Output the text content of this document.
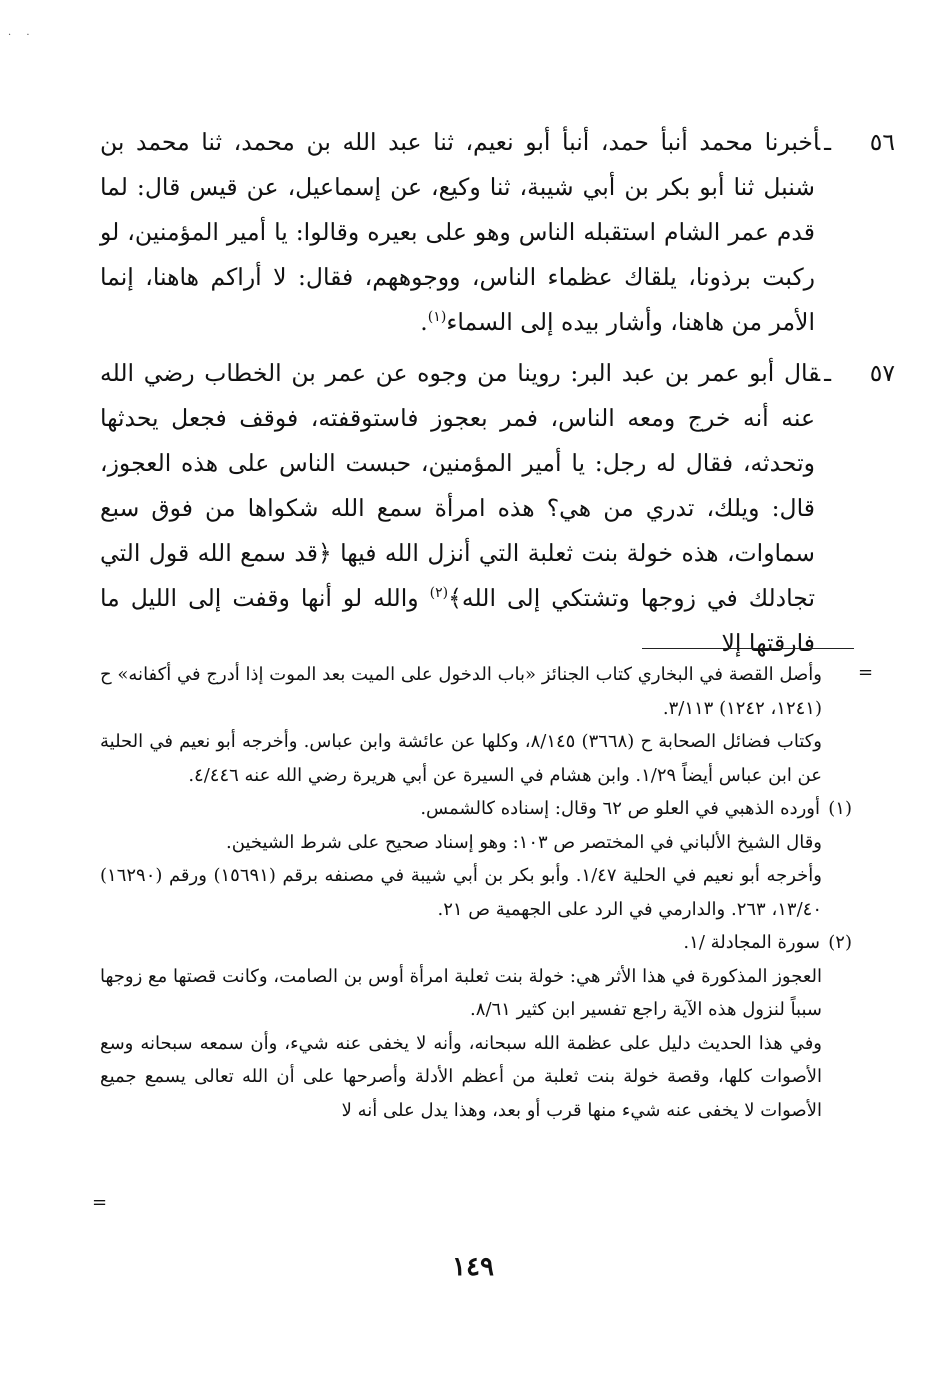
· ·

٥٦ـأخبرنا محمد أنبأ حمد، أنبأ أبو نعيم، ثنا عبد الله بن محمد، ثنا محمد بن شنبل ثنا أبو بكر بن أبي شيبة، ثنا وكيع، عن إسماعيل، عن قيس قال: لما قدم عمر الشام استقبله الناس وهو على بعيره وقالوا: يا أمير المؤمنين، لو ركبت برذونا، يلقاك عظماء الناس، ووجوههم، فقال: لا أراكم هاهنا، إنما الأمر من هاهنا، وأشار بيده إلى السماء$^{(١)}$.

٥٧ـقال أبو عمر بن عبد البر: روينا من وجوه عن عمر بن الخطاب رضي الله عنه أنه خرج ومعه الناس، فمر بعجوز فاستوقفته، فوقف فجعل يحدثها وتحدثه، فقال له رجل: يا أمير المؤمنين، حبست الناس على هذه العجوز، قال: ويلك، تدري من هي؟ هذه امرأة سمع الله شكواها من فوق سبع سماوات، هذه خولة بنت ثعلبة التي أنزل الله فيها ﴿قد سمع الله قول التي تجادلك في زوجها وتشتكي إلى الله﴾$^{(٢)}$ والله لو أنها وقفت إلى الليل ما فارقتها إلا

=

وأصل القصة في البخاري كتاب الجنائز «باب الدخول على الميت بعد الموت إذا أدرج في أكفانه» ح (١٢٤١، ١٢٤٢) ٣/١١٣.

وكتاب فضائل الصحابة ح (٣٦٦٨) ٨/١٤٥، وكلها عن عائشة وابن عباس. وأخرجه أبو نعيم في الحلية عن ابن عباس أيضاً ١/٢٩. وابن هشام في السيرة عن أبي هريرة رضي الله عنه ٤/٤٤٦.

(١)أورده الذهبي في العلو ص ٦٢ وقال: إسناده كالشمس.

وقال الشيخ الألباني في المختصر ص ١٠٣: وهو إسناد صحيح على شرط الشيخين.

وأخرجه أبو نعيم في الحلية ١/٤٧. وأبو بكر بن أبي شيبة في مصنفه برقم (١٥٦٩١) ورقم (١٦٢٩٠) ١٣/٤٠، ٢٦٣. والدارمي في الرد على الجهمية ص ٢١.

(٢)سورة المجادلة /١.

العجوز المذكورة في هذا الأثر هي: خولة بنت ثعلبة امرأة أوس بن الصامت، وكانت قصتها مع زوجها سبباً لنزول هذه الآية راجع تفسير ابن كثير ٨/٦١.

وفي هذا الحديث دليل على عظمة الله سبحانه، وأنه لا يخفى عنه شيء، وأن سمعه سبحانه وسع الأصوات كلها، وقصة خولة بنت ثعلبة من أعظم الأدلة وأصرحها على أن الله تعالى يسمع جميع الأصوات لا يخفى عنه شيء منها قرب أو بعد، وهذا يدل على أنه لا

=
١٤٩
